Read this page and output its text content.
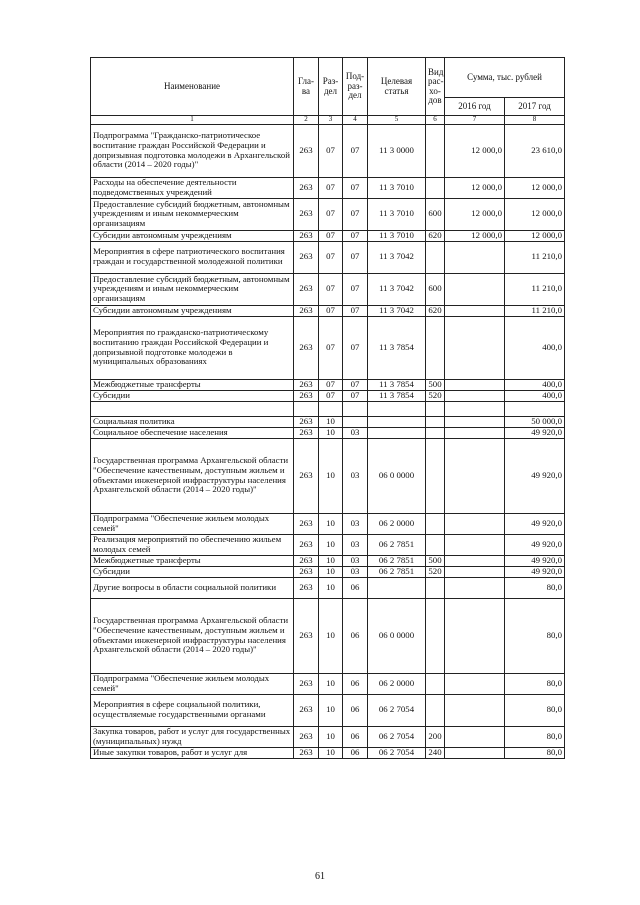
Наименование	Гла-ва	Раз-дел	Под-раз-дел	Целевая статья	Вид рас-хо-дов	Сумма, тыс. рублей	
						2016 год	2017 год
1	2	3	4	5	6	7	8
Подпрограмма "Гражданско-патриотическое воспитание граждан Российской Федерации и допризывная подготовка молодежи в Архангельской области (2014 – 2020 годы)"	263	07	07	11 3 0000		12 000,0	23 610,0
Расходы на обеспечение деятельности подведомственных учреждений	263	07	07	11 3 7010		12 000,0	12 000,0
Предоставление субсидий бюджетным, автономным учреждениям и иным некоммерческим организациям	263	07	07	11 3 7010	600	12 000,0	12 000,0
Субсидии автономным учреждениям	263	07	07	11 3 7010	620	12 000,0	12 000,0
Мероприятия в сфере патриотического воспитания граждан и государственной молодежной политики	263	07	07	11 3 7042			11 210,0
Предоставление субсидий бюджетным, автономным учреждениям и иным некоммерческим организациям	263	07	07	11 3 7042	600		11 210,0
Субсидии автономным учреждениям	263	07	07	11 3 7042	620		11 210,0
Мероприятия по гражданско-патриотическому воспитанию граждан Российской Федерации и допризывной подготовке молодежи в муниципальных образованиях	263	07	07	11 3 7854			400,0
Межбюджетные трансферты	263	07	07	11 3 7854	500		400,0
Субсидии	263	07	07	11 3 7854	520		400,0

Социальная политика	263	10					50 000,0
Социальное обеспечение населения	263	10	03				49 920,0
Государственная программа Архангельской области "Обеспечение качественным, доступным жильем и объектами инженерной инфраструктуры населения Архангельской области (2014 – 2020 годы)"	263	10	03	06 0 0000			49 920,0
Подпрограмма "Обеспечение жильем молодых семей"	263	10	03	06 2 0000			49 920,0
Реализация мероприятий по обеспечению жильем молодых семей	263	10	03	06 2 7851			49 920,0
Межбюджетные трансферты	263	10	03	06 2 7851	500		49 920,0
Субсидии	263	10	03	06 2 7851	520		49 920,0
Другие вопросы в области социальной политики	263	10	06				80,0
Государственная программа Архангельской области "Обеспечение качественным, доступным жильем и объектами инженерной инфраструктуры населения Архангельской области (2014 – 2020 годы)"	263	10	06	06 0 0000			80,0
Подпрограмма "Обеспечение жильем молодых семей"	263	10	06	06 2 0000			80,0
Мероприятия в сфере социальной политики, осуществляемые государственными органами	263	10	06	06 2 7054			80,0
Закупка товаров, работ и услуг для государственных (муниципальных) нужд	263	10	06	06 2 7054	200		80,0
Иные закупки товаров, работ и услуг для	263	10	06	06 2 7054	240		80,0
61
